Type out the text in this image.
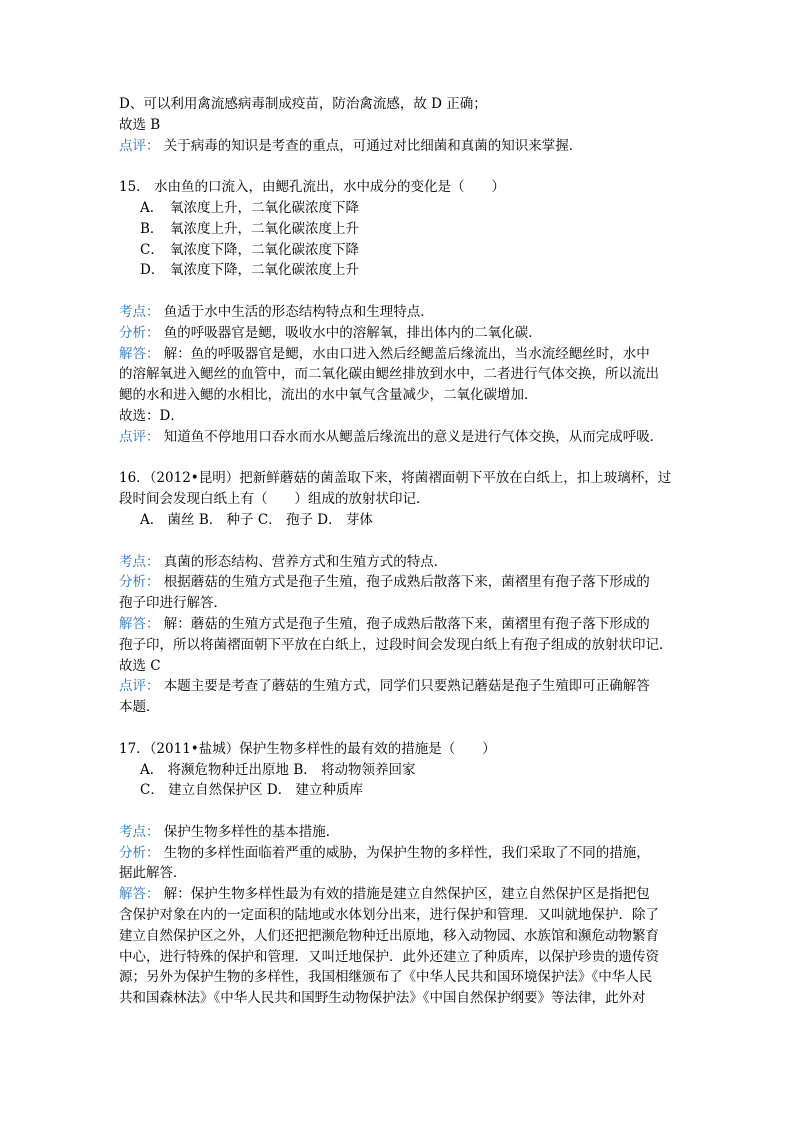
D、可以利用禽流感病毒制成疫苗，防治禽流感，故 D 正确；
故选 B
点评： 关于病毒的知识是考查的重点，可通过对比细菌和真菌的知识来掌握．
15． 水由鱼的口流入，由鳃孔流出，水中成分的变化是（　　）
A． 氧浓度上升，二氧化碳浓度下降
B． 氧浓度上升，二氧化碳浓度上升
C． 氧浓度下降，二氧化碳浓度下降
D． 氧浓度下降，二氧化碳浓度上升
考点： 鱼适于水中生活的形态结构特点和生理特点．
分析： 鱼的呼吸器官是鳃，吸收水中的溶解氧，排出体内的二氧化碳．
解答： 解：鱼的呼吸器官是鳃，水由口进入然后经鳃盖后缘流出，当水流经鳃丝时，水中
的溶解氧进入鳃丝的血管中，而二氧化碳由鳃丝排放到水中，二者进行气体交换，所以流出
鳃的水和进入鳃的水相比，流出的水中氧气含量减少，二氧化碳增加．
故选：D．
点评： 知道鱼不停地用口吞水而水从鳃盖后缘流出的意义是进行气体交换，从而完成呼吸．
16．（2012•昆明）把新鲜蘑菇的菌盖取下来，将菌褶面朝下平放在白纸上，扣上玻璃杯，过
段时间会发现白纸上有（　　）组成的放射状印记．
A． 菌丝 B． 种子 C． 孢子 D． 芽体
考点： 真菌的形态结构、营养方式和生殖方式的特点．
分析： 根据蘑菇的生殖方式是孢子生殖，孢子成熟后散落下来，菌褶里有孢子落下形成的
孢子印进行解答．
解答： 解：蘑菇的生殖方式是孢子生殖，孢子成熟后散落下来，菌褶里有孢子落下形成的
孢子印，所以将菌褶面朝下平放在白纸上，过段时间会发现白纸上有孢子组成的放射状印记．
故选 C
点评： 本题主要是考查了蘑菇的生殖方式，同学们只要熟记蘑菇是孢子生殖即可正确解答
本题．
17．（2011•盐城）保护生物多样性的最有效的措施是（　　）
A． 将濒危物种迁出原地 B． 将动物领养回家
C． 建立自然保护区 D． 建立种质库
考点： 保护生物多样性的基本措施．
分析： 生物的多样性面临着严重的威胁，为保护生物的多样性，我们采取了不同的措施，
据此解答．
解答： 解：保护生物多样性最为有效的措施是建立自然保护区，建立自然保护区是指把包
含保护对象在内的一定面积的陆地或水体划分出来，进行保护和管理．又叫就地保护．除了
建立自然保护区之外，人们还把把濒危物种迁出原地，移入动物园、水族馆和濒危动物繁育
中心，进行特殊的保护和管理．又叫迁地保护．此外还建立了种质库，以保护珍贵的遗传资
源；另外为保护生物的多样性，我国相继颁布了《中华人民共和国环境保护法》《中华人民
共和国森林法》《中华人民共和国野生动物保护法》《中国自然保护纲要》等法律，此外对
